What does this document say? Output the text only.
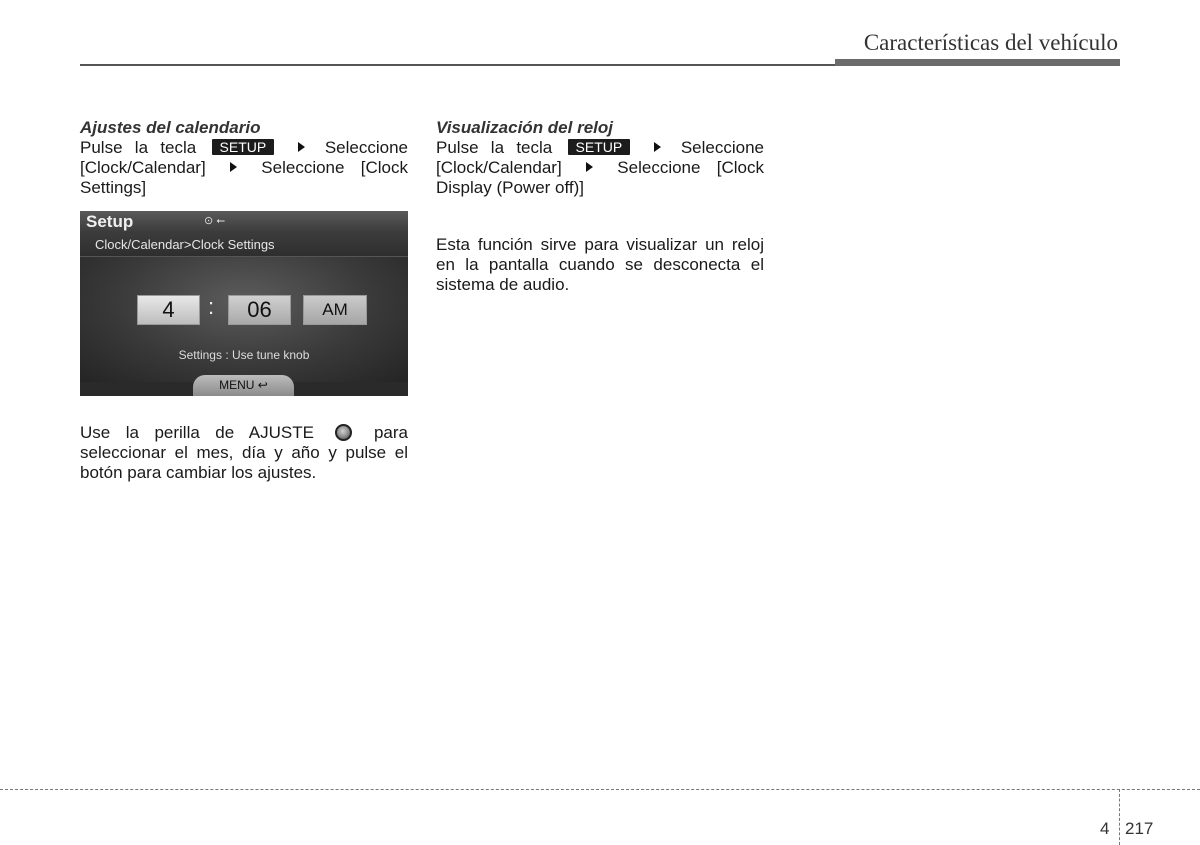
Características del vehículo
Ajustes del calendario
Pulse la tecla SETUP	Seleccione [Clock/Calendar]	Seleccione [Clock Settings]
Setup	⊙ ⭠
Clock/Calendar>Clock Settings
4	:	06	AM
Settings : Use tune knob
MENU ↩
Use la perilla de AJUSTE	para seleccionar el mes, día y año y pulse el botón para cambiar los ajustes.
Visualización del reloj
Pulse la tecla SETUP	Seleccione [Clock/Calendar]	Seleccione [Clock Display (Power off)]
Esta función sirve para visualizar un reloj en la pantalla cuando se desconecta el sistema de audio.
4 217
